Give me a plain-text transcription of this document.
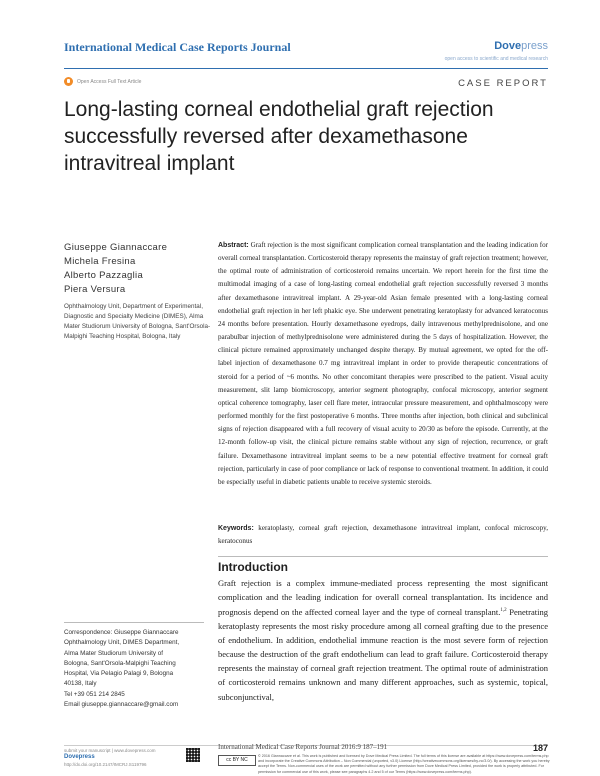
International Medical Case Reports Journal	Dovepress
open access to scientific and medical research
Open Access Full Text Article	CASE REPORT
Long-lasting corneal endothelial graft rejection successfully reversed after dexamethasone intravitreal implant
Giuseppe Giannaccare
Michela Fresina
Alberto Pazzaglia
Piera Versura
Ophthalmology Unit, Department of Experimental, Diagnostic and Specialty Medicine (DIMES), Alma Mater Studiorum University of Bologna, Sant'Orsola-Malpighi Teaching Hospital, Bologna, Italy
Abstract: Graft rejection is the most significant complication corneal transplantation and the leading indication for overall corneal transplantation. Corticosteroid therapy represents the mainstay of graft rejection treatment; however, the optimal route of administration of corticosteroid remains uncertain. We report herein for the first time the multimodal imaging of a case of long-lasting corneal endothelial graft rejection successfully reversed 3 months after dexamethasone intravitreal implant. A 29-year-old Asian female presented with a long-lasting corneal endothelial graft rejection in her left phakic eye. She underwent penetrating keratoplasty for advanced keratoconus 24 months before presentation. Hourly dexamethasone eyedrops, daily intravenous methylprednisolone, and one parabulbar injection of methylprednisolone were administered during the 5 days of hospitalization. However, the clinical picture remained approximately unchanged despite therapy. By mutual agreement, we opted for the off-label injection of dexamethasone 0.7 mg intravitreal implant in order to provide therapeutic concentrations of steroid for a period of ~6 months. No other concomitant therapies were prescribed to the patient. Visual acuity measurement, slit lamp biomicroscopy, anterior segment photography, confocal microscopy, anterior segment optical coherence tomography, laser cell flare meter, intraocular pressure measurement, and ophthalmoscopy were performed monthly for the first postoperative 6 months. Three months after injection, both clinical and subclinical signs of rejection disappeared with a full recovery of visual acuity to 20/30 as before the episode. Currently, at the 12-month follow-up visit, the clinical picture remains stable without any sign of rejection, recurrence, or graft failure. Dexamethasone intravitreal implant seems to be a new potential effective treatment for corneal graft rejection, particularly in case of poor compliance or lack of response to conventional treatment. In addition, it could be especially useful in diabetic patients unable to receive systemic steroids.
Keywords: keratoplasty, corneal graft rejection, dexamethasone intravitreal implant, confocal microscopy, keratoconus
Introduction
Graft rejection is a complex immune-mediated process representing the most significant complication and the leading indication for overall corneal transplantation. Its incidence and prognosis depend on the affected corneal layer and the type of corneal transplant.$^{1,2}$ Penetrating keratoplasty represents the most risky procedure among all corneal grafting due to the presence of endothelium. In addition, endothelial immune reaction is the most severe form of rejection because the destruction of the graft endothelium can lead to graft failure. Corticosteroid therapy represents the mainstay of corneal graft rejection treatment. The optimal route of administration of corticosteroid remains unknown and many different approaches, such as systemic, topical, subconjunctival,
Correspondence: Giuseppe Giannaccare
Ophthalmology Unit, DIMES Department,
Alma Mater Studiorum University of
Bologna, Sant'Orsola-Malpighi Teaching
Hospital, Via Pelagio Palagi 9, Bologna
40138, Italy
Tel +39 051 214 2845
Email giuseppe.giannaccare@gmail.com
submit your manuscript | www.dovepress.com
Dovepress
http://dx.doi.org/10.2147/IMCRJ.S119796
International Medical Case Reports Journal 2016:9 187–191	187
cc BY NC
© 2016 Giannaccare et al. This work is published and licensed by Dove Medical Press Limited. The full terms of this license are available at https://www.dovepress.com/terms.php and incorporate the Creative Commons Attribution – Non Commercial (unported, v3.0) License (http://creativecommons.org/licenses/by-nc/3.0/). By accessing the work you hereby accept the Terms. Non-commercial uses of the work are permitted without any further permission from Dove Medical Press Limited, provided the work is properly attributed. For permission for commercial use of this work, please see paragraphs 4.2 and 5 of our Terms (https://www.dovepress.com/terms.php).
